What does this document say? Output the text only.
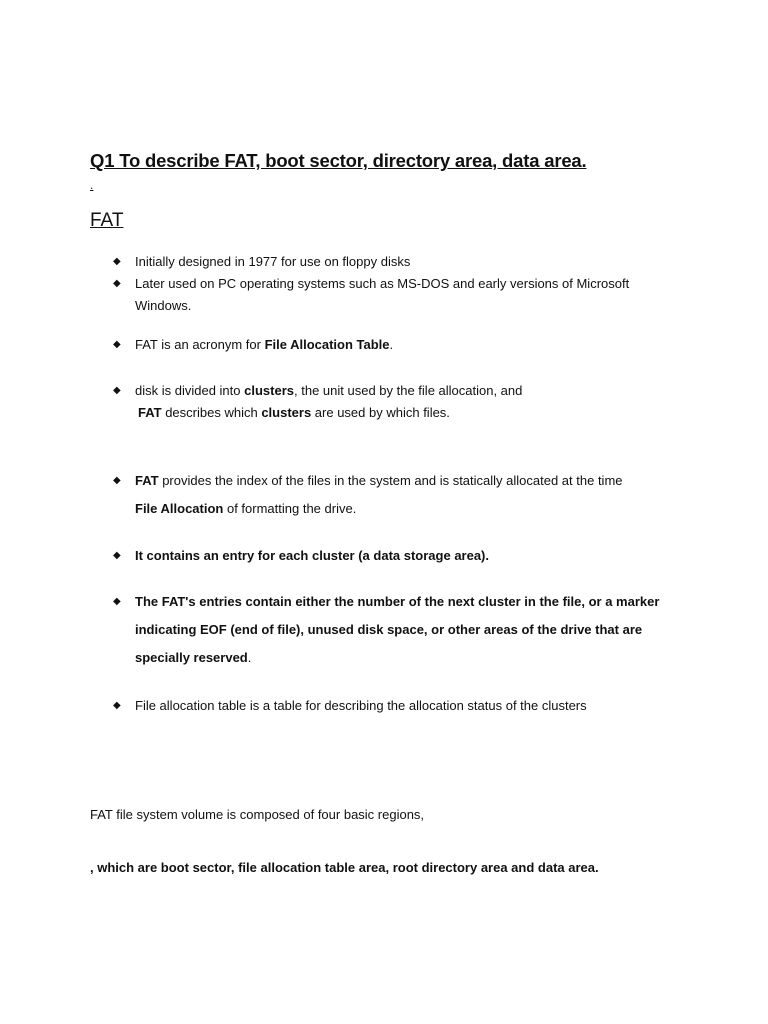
Q1 To describe FAT, boot sector, directory area, data area.
.
FAT
◆	Initially designed in 1977 for use on floppy disks
◆	Later used on PC operating systems such as MS-DOS and early versions of Microsoft
Windows.
◆	FAT is an acronym for File Allocation Table.
◆	disk is divided into clusters, the unit used by the file allocation, and
FAT describes which clusters are used by which files.
◆	FAT provides the index of the files in the system and is statically allocated at the time
File Allocation of formatting the drive.
◆	It contains an entry for each cluster (a data storage area).
◆	The FAT's entries contain either the number of the next cluster in the file, or a marker
indicating EOF (end of file), unused disk space, or other areas of the drive that are
specially reserved.
◆	File allocation table is a table for describing the allocation status of the clusters
FAT file system volume is composed of four basic regions,
, which are boot sector, file allocation table area, root directory area and data area.
